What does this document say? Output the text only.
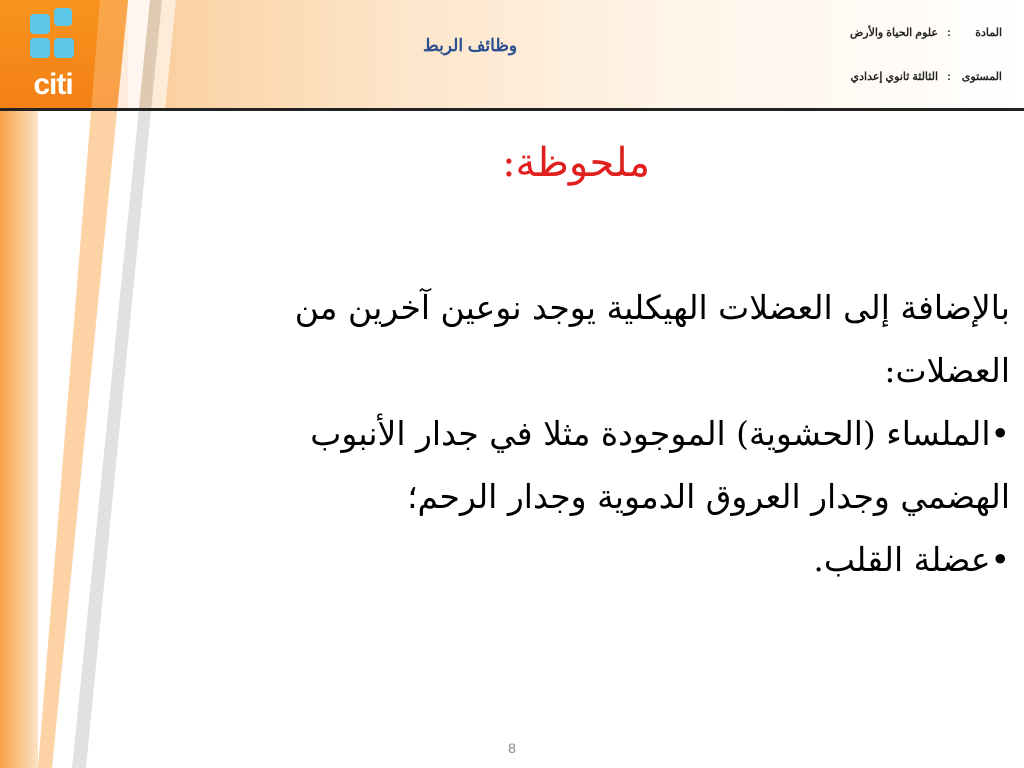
citi
وظائف الربط
المادة:علوم الحياة والأرض
المستوى:الثالثة ثانوي إعدادي
ملحوظة:

بالإضافة إلى العضلات الهيكلية يوجد نوعين آخرين من

العضلات:

•الملساء (الحشوية) الموجودة مثلا في جدار الأنبوب

الهضمي وجدار العروق الدموية وجدار الرحم؛

•عضلة القلب.

8
